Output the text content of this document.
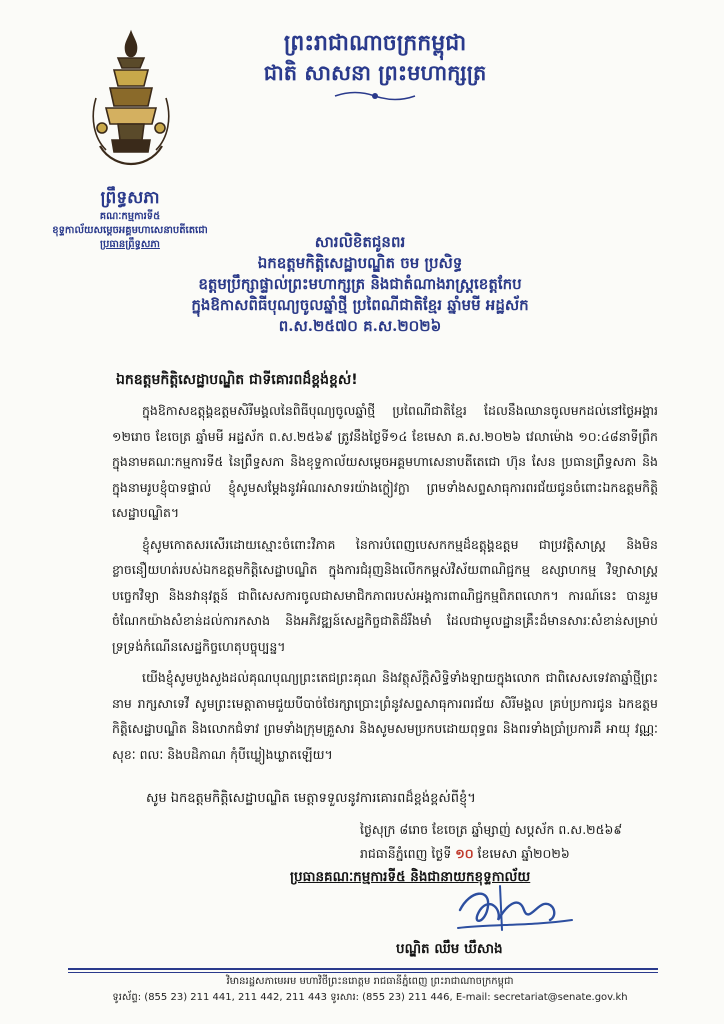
ព្រះរាជាណាចក្រកម្ពុជា
ជាតិ សាសនា ព្រះមហាក្សត្រ
ព្រឹទ្ធសភា
គណៈកម្មការទី៥
ខុទ្ទកាល័យសម្ដេចអគ្គមហាសេនាបតីតេជោ
ប្រធានព្រឹទ្ធសភា	សារលិខិតជូនពរ
ឯកឧត្ដមកិត្តិសេដ្ឋាបណ្ឌិត ចម ប្រសិទ្ធ
ឧត្ដមប្រឹក្សាផ្ទាល់ព្រះមហាក្សត្រ និងជាតំណាងរាស្ត្រខេត្តកែប
ក្នុងឱកាសពិធីបុណ្យចូលឆ្នាំថ្មី ប្រពៃណីជាតិខ្មែរ ឆ្នាំមមី អដ្ឋស័ក
ព.ស.២៥៧០ គ.ស.២០២៦
ឯកឧត្ដមកិត្តិសេដ្ឋាបណ្ឌិត ជាទីគោរពដ៏ខ្ពង់ខ្ពស់!

ក្នុងឱកាសឧត្ដុង្គឧត្ដមសិរីមង្គលនៃពិធីបុណ្យចូលឆ្នាំថ្មី ប្រពៃណីជាតិខ្មែរ ដែលនឹងឈានចូលមកដល់នៅថ្ងៃអង្គារ ១២រោច ខែចេត្រ ឆ្នាំមមី អដ្ឋស័ក ព.ស.២៥៦៩ ត្រូវនឹងថ្ងៃទី១៤ ខែមេសា គ.ស.២០២៦ វេលាម៉ោង ១០:៤៨នាទីព្រឹក ក្នុងនាមគណៈកម្មការទី៥ នៃព្រឹទ្ធសភា និងខុទ្ទកាល័យសម្ដេចអគ្គមហាសេនាបតីតេជោ ហ៊ុន សែន ប្រធានព្រឹទ្ធសភា និងក្នុងនាមរូបខ្ញុំបាទផ្ទាល់ ខ្ញុំសូមសម្ដែងនូវអំណរសាទរយ៉ាងក្លៀវក្លា ព្រមទាំងសព្ទសាធុការពរជ័យជូនចំពោះឯកឧត្ដមកិត្តិសេដ្ឋាបណ្ឌិត។

ខ្ញុំសូមកោតសរសើរដោយស្មោះចំពោះវិភាគ នៃការបំពេញបេសកកម្មដ៏ឧត្ដុង្គឧត្ដម ជាប្រវត្តិសាស្ត្រ និងមិនខ្លាចនឿយហត់របស់ឯកឧត្ដមកិត្តិសេដ្ឋាបណ្ឌិត ក្នុងការជំរុញនិងលើកកម្ពស់វិស័យពាណិជ្ជកម្ម ឧស្សាហកម្ម វិទ្យាសាស្ត្រ បច្ចេកវិទ្យា និងនវានុវត្តន៍ ជាពិសេសការចូលជាសមាជិកភាពរបស់អង្គការពាណិជ្ជកម្មពិភពលោក។ ការណ៍នេះ បានរួមចំណែកយ៉ាងសំខាន់ដល់ការកសាង និងអភិវឌ្ឍន៍សេដ្ឋកិច្ចជាតិដ៏រឹងមាំ ដែលជាមូលដ្ឋានគ្រឹះដ៏មានសារៈសំខាន់សម្រាប់ទ្រទ្រង់កំណើនសេដ្ឋកិច្ចហេតុបច្ចុប្បន្ន។

យើងខ្ញុំសូមបួងសួងដល់គុណបុណ្យព្រះតេជព្រះគុណ និងវត្ថុស័ក្តិសិទ្ធិទាំងឡាយក្នុងលោក ជាពិសេសទេវតាឆ្នាំថ្មីព្រះនាម រាក្សសាទេវី សូមព្រះមេត្តាតាមជួយបីបាច់ថែរក្សាប្រោះព្រំនូវសព្ទសាធុការពរជ័យ សិរីមង្គល គ្រប់ប្រការជូន ឯកឧត្ដមកិត្តិសេដ្ឋាបណ្ឌិត និងលោកជំទាវ ព្រមទាំងក្រុមគ្រួសារ និងសូមសមប្រកបដោយពុទ្ធពរ និងពរទាំងប្រាំប្រការគឺ អាយុ វណ្ណៈ សុខៈ ពលៈ និងបដិភាណ កុំបីឃ្លៀងឃ្លាតឡើយ។

សូម ឯកឧត្ដមកិត្តិសេដ្ឋាបណ្ឌិត មេត្តាទទួលនូវការគោរពដ៏ខ្ពង់ខ្ពស់ពីខ្ញុំ។
ថ្ងៃសុក្រ ៨រោច ខែចេត្រ ឆ្នាំម្សាញ់ សប្តស័ក ព.ស.២៥៦៩
រាជធានីភ្នំពេញ ថ្ងៃទី ១០ ខែមេសា ឆ្នាំ២០២៦
ប្រធានគណៈកម្មការទី៥ និងជានាយកខុទ្ទកាល័យ
បណ្ឌិត ឈឹម ឃឹសាង
វិមានរដ្ឋសភាមេអម មហាវិថីព្រះនរោត្តម រាជធានីភ្នំពេញ ព្រះរាជាណាចក្រកម្ពុជា
ទូរស័ព្ទ: (855 23) 211 441, 211 442, 211 443 ទូរសារ: (855 23) 211 446, E-mail: secretariat@senate.gov.kh
